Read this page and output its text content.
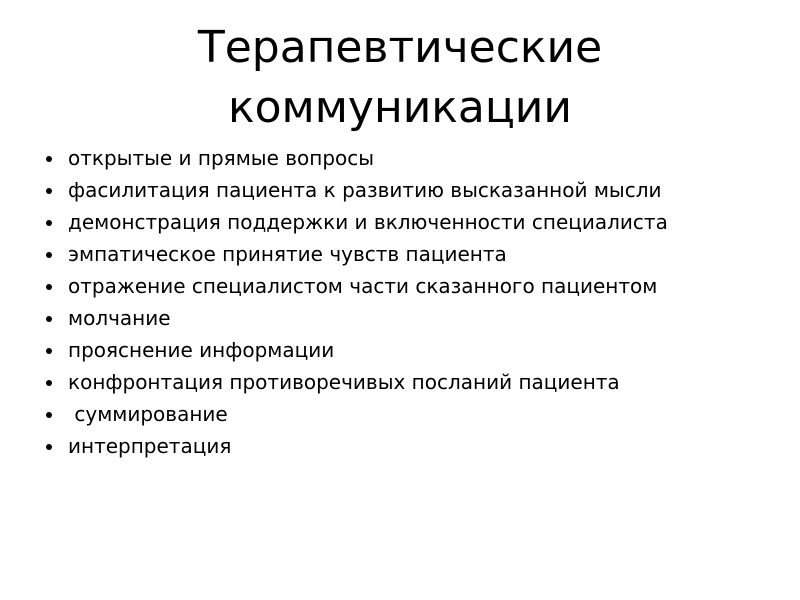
Терапевтические коммуникации
открытые и прямые вопросы
фасилитация пациента к развитию высказанной мысли
демонстрация поддержки и включенности специалиста
эмпатическое принятие чувств пациента
отражение специалистом части сказанного пациентом
молчание
прояснение информации
конфронтация противоречивых посланий пациента
суммирование
интерпретация
